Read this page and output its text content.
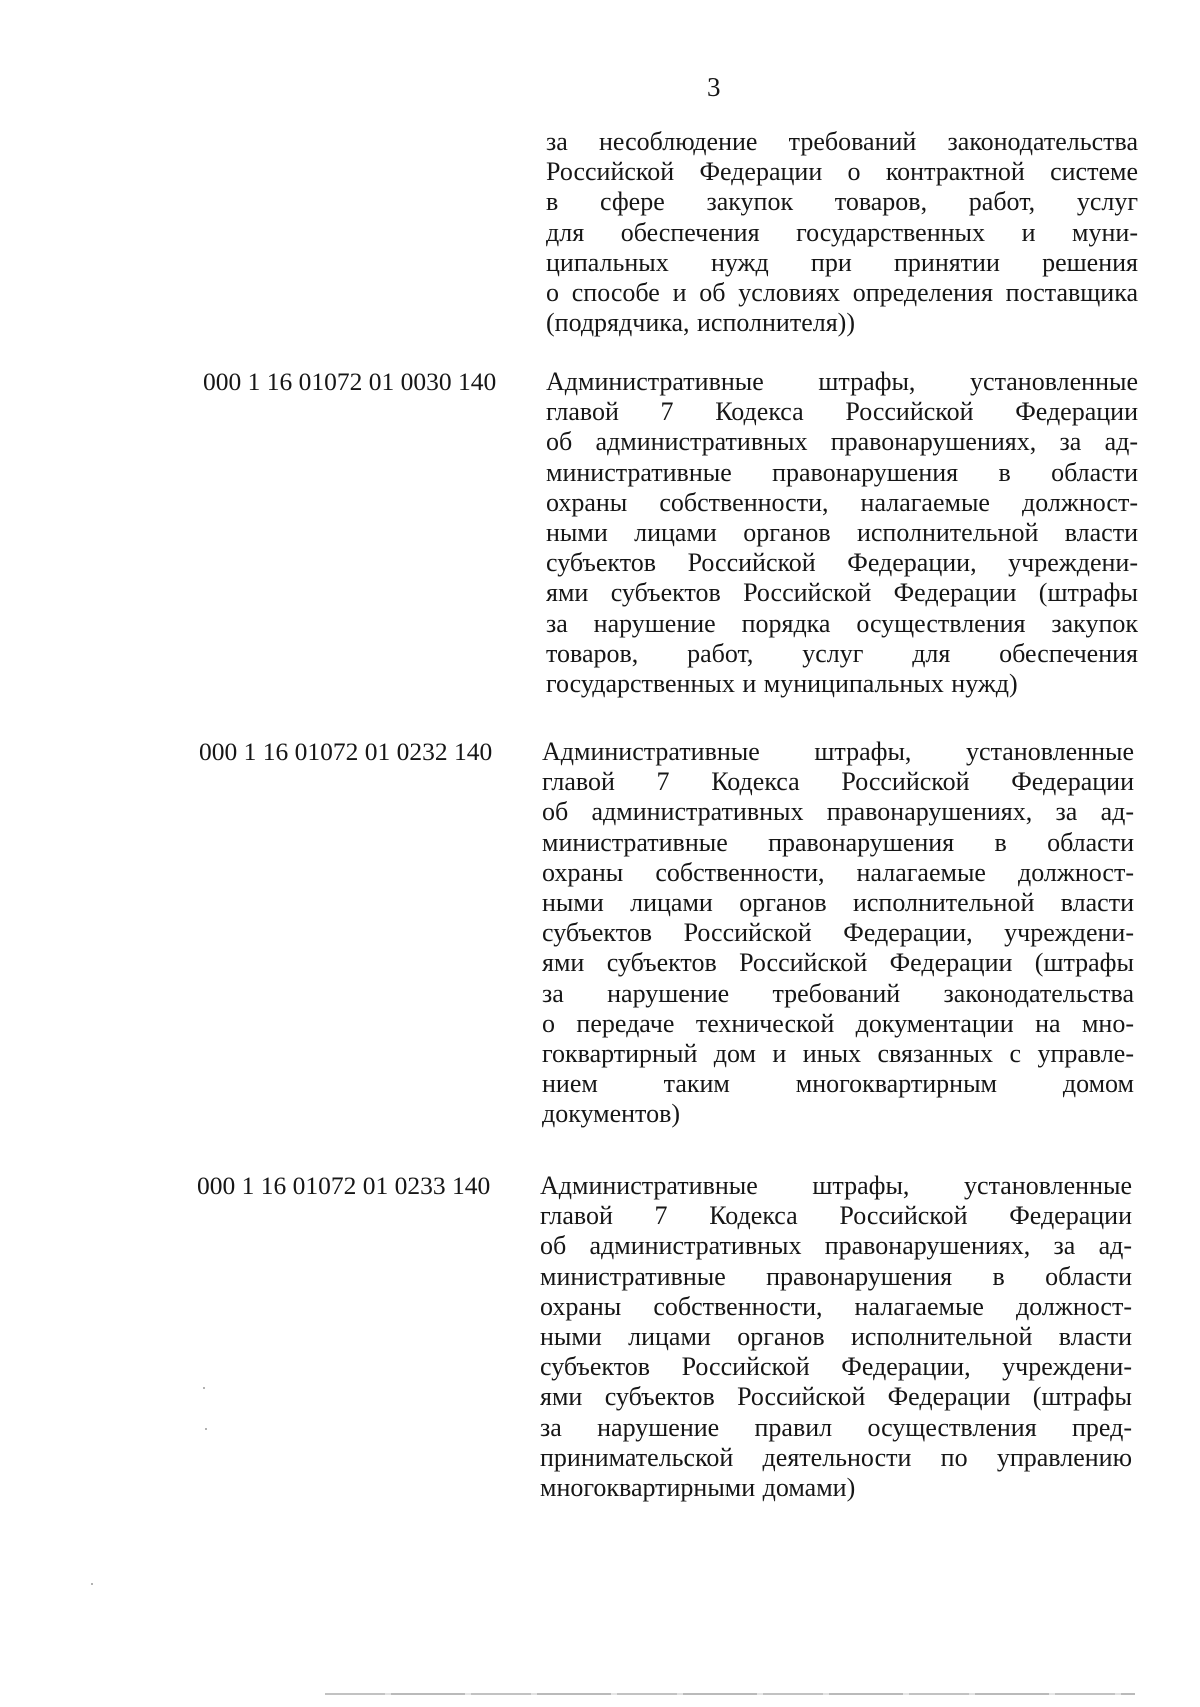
3
за несоблюдение требований законодательства
Российской Федерации о контрактной системе
в сфере закупок товаров, работ, услуг
для обеспечения государственных и муни-
ципальных нужд при принятии решения
о способе и об условиях определения поставщика
(подрядчика, исполнителя))
000 1 16 01072 01 0030 140 Административные штрафы, установленные
главой 7 Кодекса Российской Федерации
об административных правонарушениях, за ад-
министративные правонарушения в области
охраны собственности, налагаемые должност-
ными лицами органов исполнительной власти
субъектов Российской Федерации, учреждени-
ями субъектов Российской Федерации (штрафы
за нарушение порядка осуществления закупок
товаров, работ, услуг для обеспечения
государственных и муниципальных нужд)
000 1 16 01072 01 0232 140 Административные штрафы, установленные
главой 7 Кодекса Российской Федерации
об административных правонарушениях, за ад-
министративные правонарушения в области
охраны собственности, налагаемые должност-
ными лицами органов исполнительной власти
субъектов Российской Федерации, учреждени-
ями субъектов Российской Федерации (штрафы
за нарушение требований законодательства
о передаче технической документации на мно-
гоквартирный дом и иных связанных с управле-
нием таким многоквартирным домом
документов)
000 1 16 01072 01 0233 140 Административные штрафы, установленные
главой 7 Кодекса Российской Федерации
об административных правонарушениях, за ад-
министративные правонарушения в области
охраны собственности, налагаемые должност-
ными лицами органов исполнительной власти
субъектов Российской Федерации, учреждени-
ями субъектов Российской Федерации (штрафы
за нарушение правил осуществления пред-
принимательской деятельности по управлению
многоквартирными домами)
